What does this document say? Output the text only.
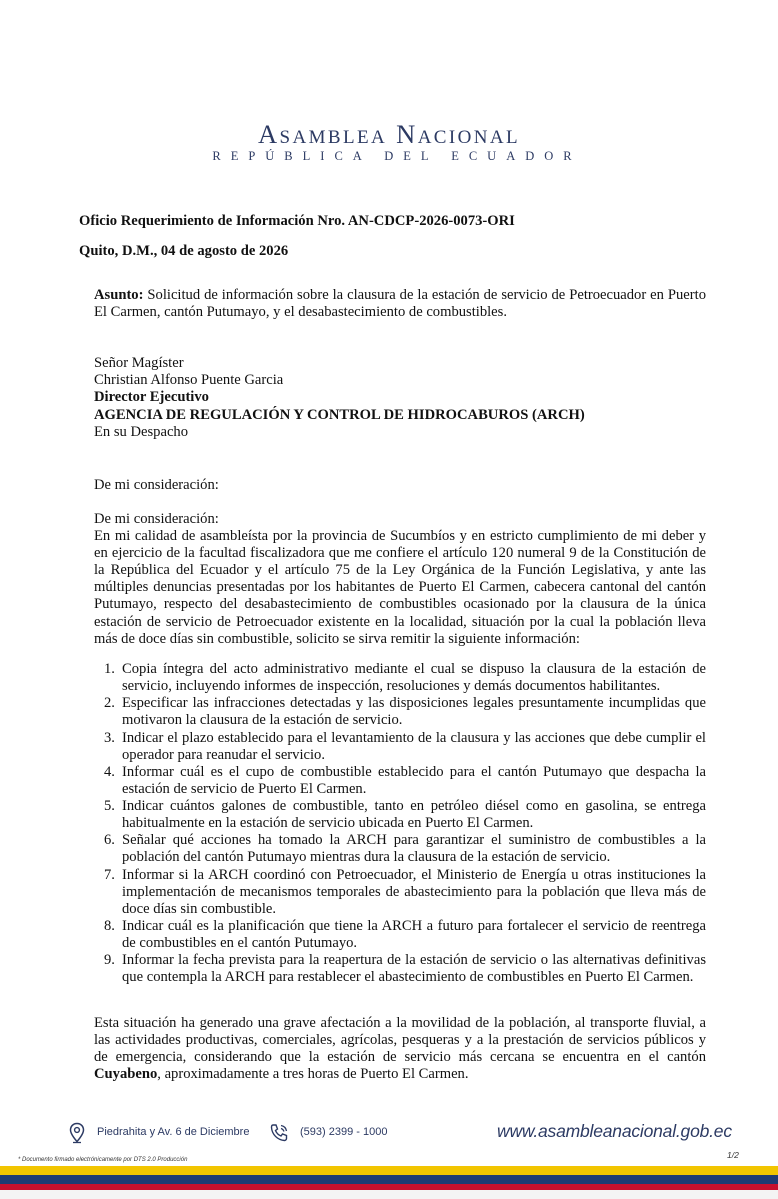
Asamblea Nacional
REPÚBLICA DEL ECUADOR
Oficio Requerimiento de Información Nro. AN-CDCP-2026-0073-ORI
Quito, D.M., 04 de agosto de 2026
Asunto: Solicitud de información sobre la clausura de la estación de servicio de Petroecuador en Puerto El Carmen, cantón Putumayo, y el desabastecimiento de combustibles.
Señor Magíster
Christian Alfonso Puente Garcia
Director Ejecutivo
AGENCIA DE REGULACIÓN Y CONTROL DE HIDROCABUROS (ARCH)
En su Despacho
De mi consideración:
De mi consideración:
En mi calidad de asambleísta por la provincia de Sucumbíos y en estricto cumplimiento de mi deber y en ejercicio de la facultad fiscalizadora que me confiere el artículo 120 numeral 9 de la Constitución de la República del Ecuador y el artículo 75 de la Ley Orgánica de la Función Legislativa, y ante las múltiples denuncias presentadas por los habitantes de Puerto El Carmen, cabecera cantonal del cantón Putumayo, respecto del desabastecimiento de combustibles ocasionado por la clausura de la única estación de servicio de Petroecuador existente en la localidad, situación por la cual la población lleva más de doce días sin combustible, solicito se sirva remitir la siguiente información:
1. Copia íntegra del acto administrativo mediante el cual se dispuso la clausura de la estación de servicio, incluyendo informes de inspección, resoluciones y demás documentos habilitantes.
2. Especificar las infracciones detectadas y las disposiciones legales presuntamente incumplidas que motivaron la clausura de la estación de servicio.
3. Indicar el plazo establecido para el levantamiento de la clausura y las acciones que debe cumplir el operador para reanudar el servicio.
4. Informar cuál es el cupo de combustible establecido para el cantón Putumayo que despacha la estación de servicio de Puerto El Carmen.
5. Indicar cuántos galones de combustible, tanto en petróleo diésel como en gasolina, se entrega habitualmente en la estación de servicio ubicada en Puerto El Carmen.
6. Señalar qué acciones ha tomado la ARCH para garantizar el suministro de combustibles a la población del cantón Putumayo mientras dura la clausura de la estación de servicio.
7. Informar si la ARCH coordinó con Petroecuador, el Ministerio de Energía u otras instituciones la implementación de mecanismos temporales de abastecimiento para la población que lleva más de doce días sin combustible.
8. Indicar cuál es la planificación que tiene la ARCH a futuro para fortalecer el servicio de reentrega de combustibles en el cantón Putumayo.
9. Informar la fecha prevista para la reapertura de la estación de servicio o las alternativas definitivas que contempla la ARCH para restablecer el abastecimiento de combustibles en Puerto El Carmen.
Esta situación ha generado una grave afectación a la movilidad de la población, al transporte fluvial, a las actividades productivas, comerciales, agrícolas, pesqueras y a la prestación de servicios públicos y de emergencia, considerando que la estación de servicio más cercana se encuentra en el cantón Cuyabeno, aproximadamente a tres horas de Puerto El Carmen.
Piedrahita y Av. 6 de Diciembre	(593) 2399 - 1000	www.asambleanacional.gob.ec
1/2
* Documento firmado electrónicamente por DTS 2.0 Producción
